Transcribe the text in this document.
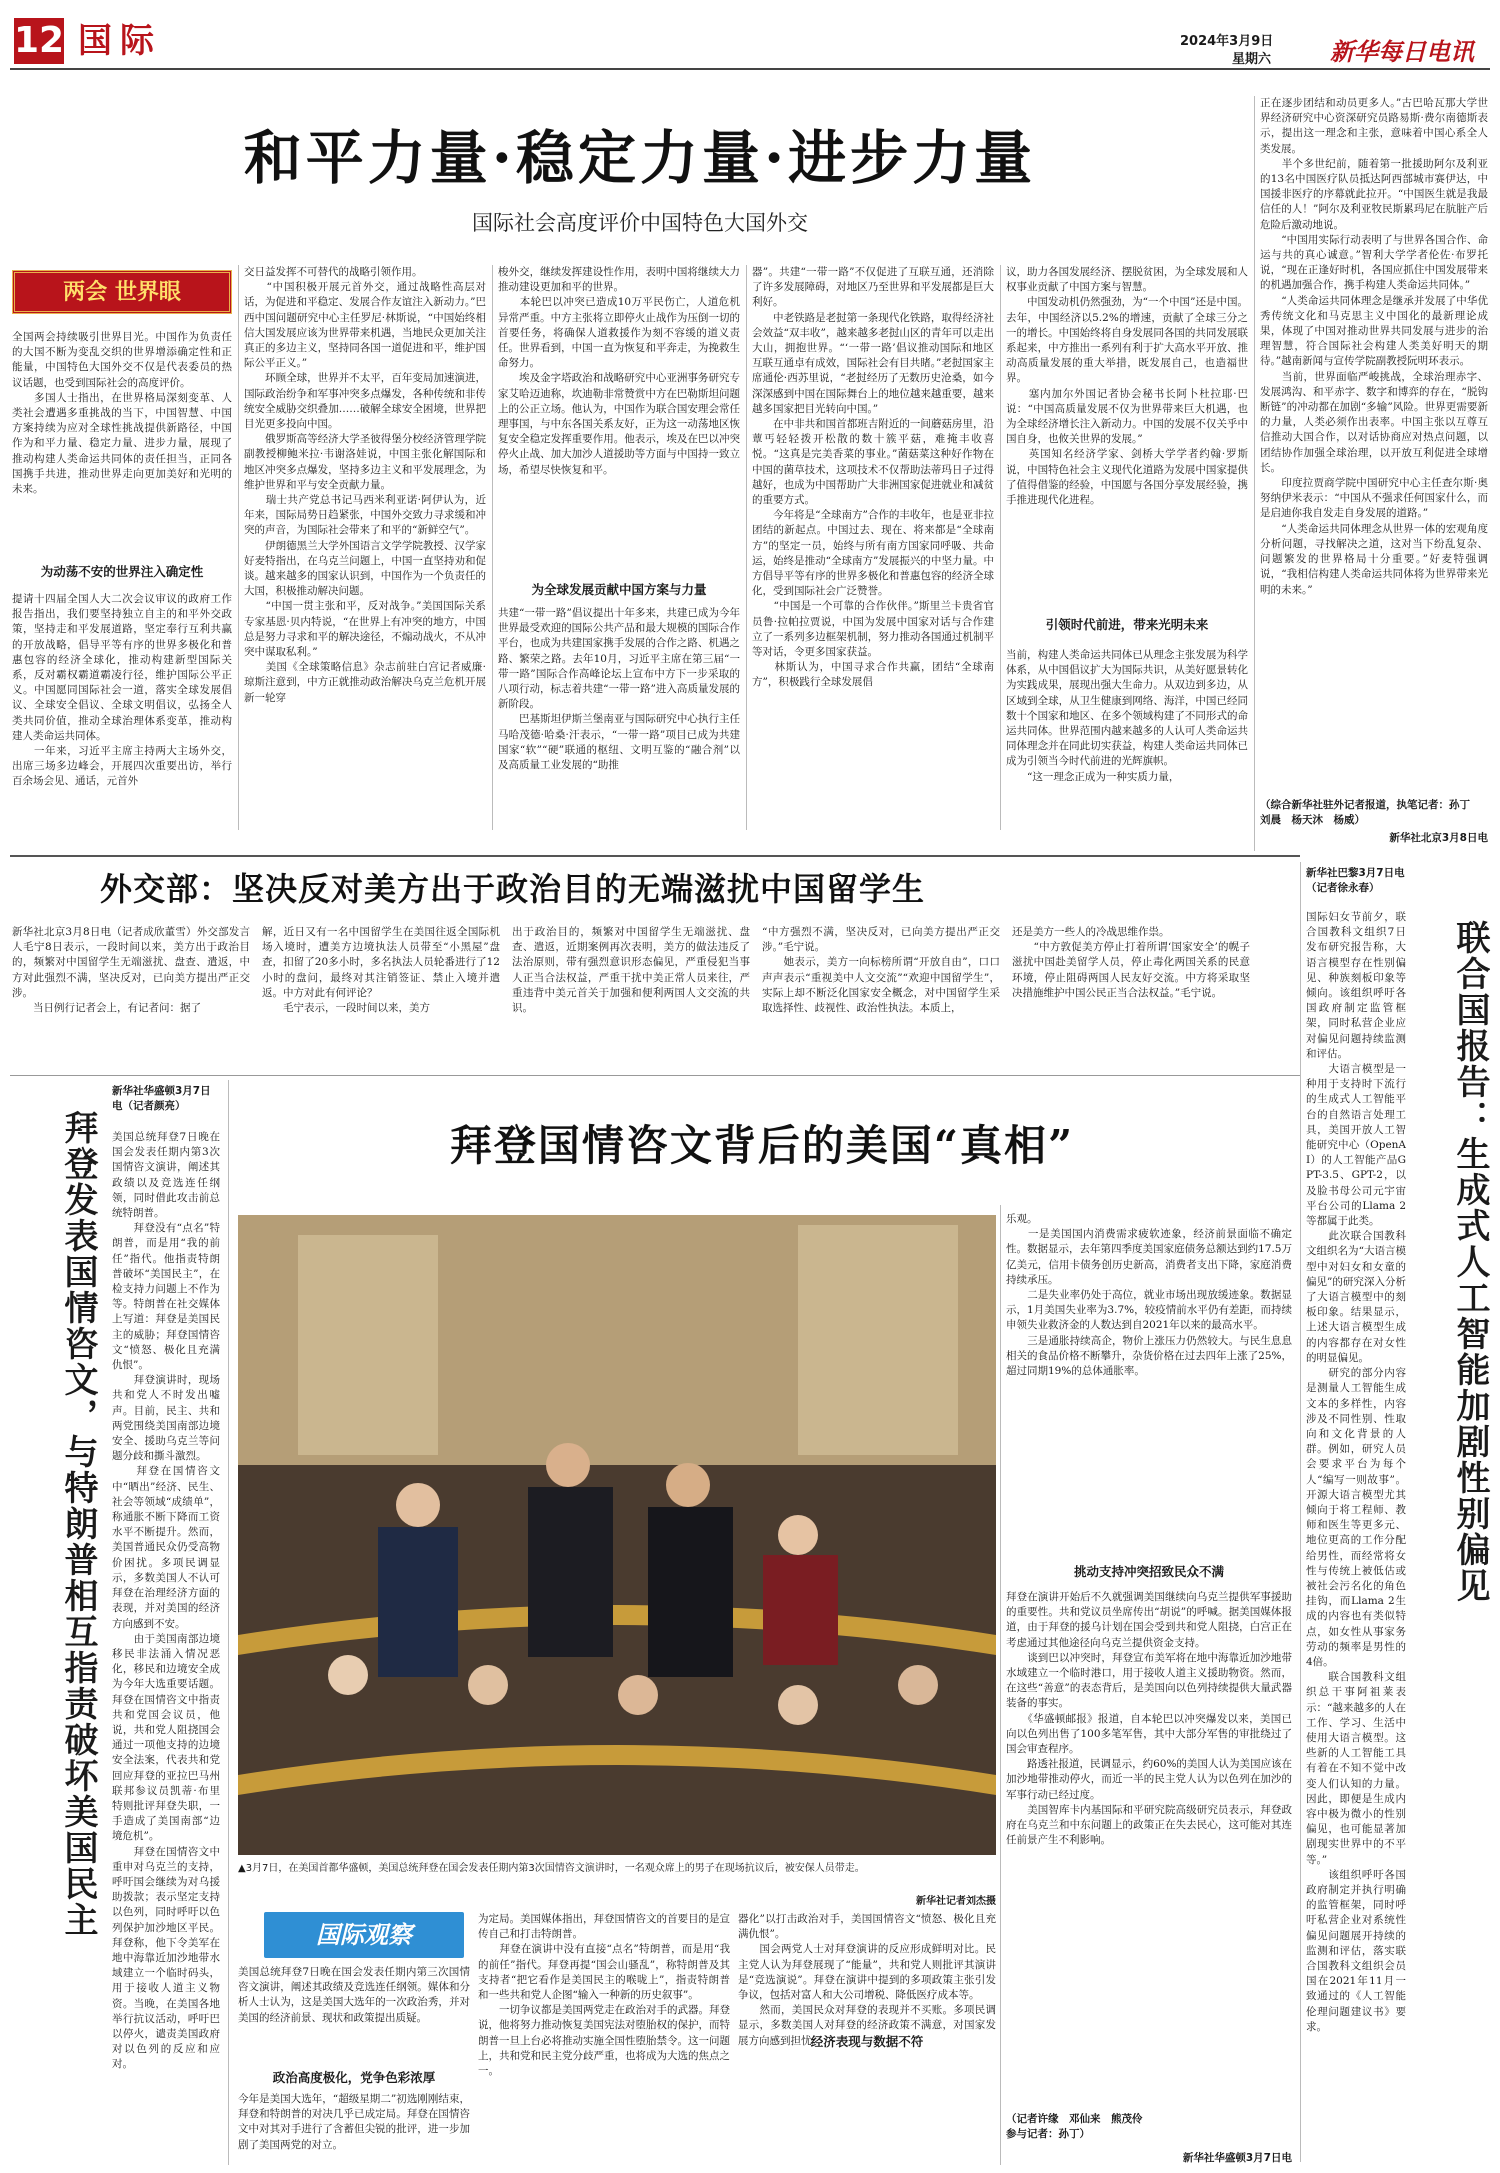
12 国际	2024年3月9日
星期六 新华每日电讯
和平力量·稳定力量·进步力量
国际社会高度评价中国特色大国外交
两会 世界眼
全国两会持续吸引世界目光。中国作为负责任的大国不断为变乱交织的世界增添确定性和正能量，中国特色大国外交不仅是代表委员的热议话题，也受到国际社会的高度评价。
　　多国人士指出，在世界格局深刻变革、人类社会遭遇多重挑战的当下，中国智慧、中国方案持续为应对全球性挑战提供新路径，中国作为和平力量、稳定力量、进步力量，展现了推动构建人类命运共同体的责任担当，正同各国携手共进，推动世界走向更加美好和光明的未来。
为动荡不安的世界注入确定性
提请十四届全国人大二次会议审议的政府工作报告指出，我们要坚持独立自主的和平外交政策，坚持走和平发展道路，坚定奉行互利共赢的开放战略，倡导平等有序的世界多极化和普惠包容的经济全球化，推动构建新型国际关系，反对霸权霸道霸凌行径，维护国际公平正义。中国愿同国际社会一道，落实全球发展倡议、全球安全倡议、全球文明倡议，弘扬全人类共同价值，推动全球治理体系变革，推动构建人类命运共同体。
　　一年来，习近平主席主持两大主场外交，出席三场多边峰会，开展四次重要出访，举行百余场会见、通话，元首外
交日益发挥不可替代的战略引领作用。
　　“中国积极开展元首外交，通过战略性高层对话，为促进和平稳定、发展合作友谊注入新动力。”巴西中国问题研究中心主任罗尼·林斯说，“中国始终相信大国发展应该为世界带来机遇，当地民众更加关注真正的多边主义，坚持同各国一道促进和平，维护国际公平正义。”
　　环顾全球，世界并不太平，百年变局加速演进，国际政治纷争和军事冲突多点爆发，各种传统和非传统安全威胁交织叠加……破解全球安全困境，世界把目光更多投向中国。
　　俄罗斯高等经济大学圣彼得堡分校经济管理学院副教授柳鲍米拉·韦谢洛娃说，中国主张化解国际和地区冲突多点爆发，坚持多边主义和平发展理念，为维护世界和平与安全贡献力量。
　　瑞士共产党总书记马西米利亚诺·阿伊认为，近年来，国际局势日趋紧张，中国外交致力寻求缓和冲突的声音，为国际社会带来了和平的“新鲜空气”。
　　伊朗德黑兰大学外国语言文学学院教授、汉学家好麦特指出，在乌克兰问题上，中国一直坚持劝和促谈。越来越多的国家认识到，中国作为一个负责任的大国，积极推动解决问题。
　　“中国一贯主张和平，反对战争。”美国国际关系专家基恩·贝内特说，“在世界上有冲突的地方，中国总是努力寻求和平的解决途径，不煽动战火，不从冲突中谋取私利。”
　　美国《全球策略信息》杂志前驻白宫记者威廉·琼斯注意到，中方正就推动政治解决乌克兰危机开展新一轮穿
梭外交，继续发挥建设性作用，表明中国将继续大力推动建设更加和平的世界。
　　本轮巴以冲突已造成10万平民伤亡，人道危机异常严重。中方主张将立即停火止战作为压倒一切的首要任务，将确保人道救援作为刻不容缓的道义责任。世界看到，中国一直为恢复和平奔走，为挽救生命努力。
　　埃及金字塔政治和战略研究中心亚洲事务研究专家艾哈迈迪称，坎迪勒非常赞赏中方在巴勒斯坦问题上的公正立场。他认为，中国作为联合国安理会常任理事国，与中东各国关系友好，正为这一动荡地区恢复安全稳定发挥重要作用。他表示，埃及在巴以冲突停火止战、加大加沙人道援助等方面与中国持一致立场，希望尽快恢复和平。
为全球发展贡献中国方案与力量
共建“一带一路”倡议提出十年多来，共建已成为今年世界最受欢迎的国际公共产品和最大规模的国际合作平台，也成为共建国家携手发展的合作之路、机遇之路、繁荣之路。去年10月，习近平主席在第三届“一带一路”国际合作高峰论坛上宣布中方下一步采取的八项行动，标志着共建“一带一路”进入高质量发展的新阶段。
　　巴基斯坦伊斯兰堡南亚与国际研究中心执行主任马哈茂德·哈桑·汗表示，“一带一路”项目已成为共建国家“软”“硬”联通的枢纽、文明互鉴的“融合剂”以及高质量工业发展的“助推
器”。共建“一带一路”不仅促进了互联互通，还消除了许多发展障碍，对地区乃至世界和平发展都是巨大利好。
　　中老铁路是老挝第一条现代化铁路，取得经济社会效益“双丰收”，越来越多老挝山区的青年可以走出大山，拥抱世界。“‘一带一路’倡议推动国际和地区互联互通卓有成效，国际社会有目共睹。”老挝国家主席通伦·西苏里说，“老挝经历了无数历史沧桑，如今深深感到中国在国际舞台上的地位越来越重要，越来越多国家把目光转向中国。”
　　在中非共和国首都班吉附近的一间蘑菇房里，沿蕈丐轻轻拨开松散的数十簇平菇，难掩丰收喜悦。“这真是完美香菜的事业。”菌菇菜这种好作物在中国的菌草技术，这项技术不仅帮助法蒂玛日子过得越好，也成为中国帮助广大非洲国家促进就业和减贫的重要方式。
　　今年将是“全球南方”合作的丰收年，也是亚非拉团结的新起点。中国过去、现在、将来都是“全球南方”的坚定一员，始终与所有南方国家同呼吸、共命运，始终是推动“全球南方”发展振兴的中坚力量。中方倡导平等有序的世界多极化和普惠包容的经济全球化，受到国际社会广泛赞誉。
　　“中国是一个可靠的合作伙伴。”斯里兰卡贵省官员鲁·拉帕拉贾说，中国为发展中国家对话与合作建立了一系列多边框架机制，努力推动各国通过机制平等对话，令更多国家获益。
　　林斯认为，中国寻求合作共赢，团结“全球南方”，积极践行全球发展倡
议，助力各国发展经济、摆脱贫困，为全球发展和人权事业贡献了中国方案与智慧。
　　中国发动机仍然强劲，为“一个中国”还是中国。去年，中国经济以5.2%的增速，贡献了全球三分之一的增长。中国始终将自身发展同各国的共同发展联系起来，中方推出一系列有利于扩大高水平开放、推动高质量发展的重大举措，既发展自己，也造福世界。
　　塞内加尔外国记者协会秘书长阿卜杜拉耶·巴说：“中国高质量发展不仅为世界带来巨大机遇，也为全球经济增长注入新动力。中国的发展不仅关乎中国自身，也攸关世界的发展。”
　　英国知名经济学家、剑桥大学学者约翰·罗斯说，中国特色社会主义现代化道路为发展中国家提供了值得借鉴的经验，中国愿与各国分享发展经验，携手推进现代化进程。
引领时代前进，带来光明未来
当前，构建人类命运共同体已从理念主张发展为科学体系，从中国倡议扩大为国际共识，从美好愿景转化为实践成果，展现出强大生命力。从双边到多边，从区域到全球，从卫生健康到网络、海洋，中国已经同数十个国家和地区、在多个领域构建了不同形式的命运共同体。世界范围内越来越多的人认可人类命运共同体理念并在同此切实获益，构建人类命运共同体已成为引领当今时代前进的光辉旗帜。
　　“这一理念正成为一种实质力量，
正在逐步团结和动员更多人。”古巴哈瓦那大学世界经济研究中心资深研究员路易斯·费尔南德斯表示，提出这一理念和主张，意味着中国心系全人类发展。
　　半个多世纪前，随着第一批援助阿尔及利亚的13名中国医疗队员抵达阿西部城市赛伊达，中国援非医疗的序幕就此拉开。“中国医生就是我最信任的人！”阿尔及利亚牧民斯累玛尼在肮脏产后危险后激动地说。
　　“中国用实际行动表明了与世界各国合作、命运与共的真心诚意。”智利大学学者伦佐·布罗托说，“现在正逢好时机，各国应抓住中国发展带来的机遇加强合作，携手构建人类命运共同体。”
　　“人类命运共同体理念是继承并发展了中华优秀传统文化和马克思主义中国化的最新理论成果，体现了中国对推动世界共同发展与进步的治理智慧，符合国际社会构建人类美好明天的期待。”越南新闻与宣传学院副教授阮明环表示。
　　当前，世界面临严峻挑战，全球治理赤字、发展鸿沟、和平赤字、数字和博弈的存在，“脱钩断链”的冲动都在加剧“多输”风险。世界更需要新的力量，人类必须作出表率。中国主张以互尊互信推动大国合作，以对话协商应对热点问题，以团结协作加强全球治理，以开放互利促进全球增长。
　　印度拉贾商学院中国研究中心主任查尔斯·奥努纳伊米表示：“中国从不强求任何国家什么，而是启迪你我自发走自身发展的道路。”
　　“人类命运共同体理念从世界一体的宏观角度分析问题，寻找解决之道，这对当下纷乱复杂、问题繁发的世界格局十分重要。”好麦特强调说，“我相信构建人类命运共同体将为世界带来光明的未来。”
（综合新华社驻外记者报道，执笔记者：孙丁　刘晨　杨天沐　杨威）
新华社北京3月8日电
外交部：坚决反对美方出于政治目的无端滋扰中国留学生
新华社北京3月8日电（记者成欣董雪）外交部发言人毛宁8日表示，一段时间以来，美方出于政治目的，频繁对中国留学生无端滋扰、盘查、遣返，中方对此强烈不满，坚决反对，已向美方提出严正交涉。
　　当日例行记者会上，有记者问：据了
解，近日又有一名中国留学生在美国往返全国际机场入境时，遭美方边境执法人员带至“小黑屋”盘查，扣留了20多小时，多名执法人员轮番进行了12小时的盘问，最终对其注销签证、禁止入境并遣返。中方对此有何评论？
　　毛宁表示，一段时间以来，美方
出于政治目的，频繁对中国留学生无端滋扰、盘查、遣返，近期案例再次表明，美方的做法违反了法治原则，带有强烈意识形态偏见，严重侵犯当事人正当合法权益，严重干扰中美正常人员来往，严重违背中美元首关于加强和便利两国人文交流的共识。
“中方强烈不满，坚决反对，已向美方提出严正交涉。”毛宁说。
　　她表示，美方一向标榜所谓“开放自由”，口口声声表示“重视美中人文交流”“欢迎中国留学生”，实际上却不断泛化国家安全概念，对中国留学生采取选择性、歧视性、政治性执法。本质上，
还是美方一些人的冷战思维作祟。
　　“中方敦促美方停止打着所谓‘国家安全’的幌子滋扰中国赴美留学人员，停止毒化两国关系的民意环境，停止阻碍两国人民友好交流。中方将采取坚决措施维护中国公民正当合法权益。”毛宁说。
新华社巴黎3月7日电（记者徐永春）
国际妇女节前夕，联合国教科文组织7日发布研究报告称，大语言模型存在性别偏见、种族刻板印象等倾向。该组织呼吁各国政府制定监管框架，同时私营企业应对偏见问题持续监测和评估。
　　大语言模型是一种用于支持时下流行的生成式人工智能平台的自然语言处理工具，美国开放人工智能研究中心（OpenAI）的人工智能产品GPT-3.5、GPT-2，以及脸书母公司元宇宙平台公司的Llama 2等都属于此类。
　　此次联合国教科文组织名为“大语言模型中对妇女和女童的偏见”的研究深入分析了大语言模型中的刻板印象。结果显示，上述大语言模型生成的内容都存在对女性的明显偏见。
　　研究的部分内容是测量人工智能生成文本的多样性，内容涉及不同性别、性取向和文化背景的人群。例如，研究人员会要求平台为每个人“编写一则故事”。开源大语言模型尤其倾向于将工程师、教师和医生等更多元、地位更高的工作分配给男性，而经常将女性与传统上被低估或被社会污名化的角色挂钩，而Llama 2生成的内容也有类似特点，如女性从事家务劳动的频率是男性的4倍。
　　联合国教科文组织总干事阿祖莱表示：“越来越多的人在工作、学习、生活中使用大语言模型。这些新的人工智能工具有着在不知不觉中改变人们认知的力量。因此，即便是生成内容中极为微小的性别偏见，也可能显著加剧现实世界中的不平等。”
　　该组织呼吁各国政府制定并执行明确的监管框架，同时呼吁私营企业对系统性偏见问题展开持续的监测和评估，落实联合国教科文组织会员国在2021年11月一致通过的《人工智能伦理问题建议书》要求。
联合国报告：生成式人工智能加剧性别偏见
拜登发表国情咨文，与特朗普相互指责破坏美国民主
新华社华盛顿3月7日电（记者颜亮）
美国总统拜登7日晚在国会发表任期内第3次国情咨文演讲，阐述其政绩以及竞选连任纲领，同时借此攻击前总统特朗普。
　　拜登没有“点名”特朗普，而是用“我的前任”指代。他指责特朗普破坏“美国民主”，在检支持力问题上不作为等。特朗普在社交媒体上写道：拜登是美国民主的威胁；拜登国情咨文“愤怒、极化且充满仇恨”。
　　拜登演讲时，现场共和党人不时发出嘘声。目前，民主、共和两党围绕美国南部边境安全、援助乌克兰等问题分歧和撕斗激烈。
　　拜登在国情咨文中“晒出”经济、民生、社会等领域“成绩单”，称通胀不断下降而工资水平不断提升。然而，美国普通民众仍受高物价困扰。多项民调显示，多数美国人不认可拜登在治理经济方面的表现，并对美国的经济方向感到不安。
　　由于美国南部边境移民非法涌入情况恶化，移民和边境安全成为今年大选重要话题。拜登在国情咨文中指责共和党国会议员，他说，共和党人阻挠国会通过一项他支持的边境安全法案，代表共和党回应拜登的亚拉巴马州联邦参议员凯蒂·布里特则批评拜登失职，一手造成了美国南部“边境危机”。
　　拜登在国情咨文中重申对乌克兰的支持，呼吁国会继续为对乌援助拨款；表示坚定支持以色列，同时呼吁以色列保护加沙地区平民。拜登称，他下令美军在地中海靠近加沙地带水域建立一个临时码头，用于接收人道主义物资。当晚，在美国各地举行抗议活动，呼吁巴以停火，谴责美国政府对以色列的反应和应对。
拜登国情咨文背后的美国“真相”
▲3月7日，在美国首都华盛顿，美国总统拜登在国会发表任期内第3次国情咨文演讲时，一名观众席上的男子在现场抗议后，被安保人员带走。
新华社记者刘杰摄
国际观察
美国总统拜登7日晚在国会发表任期内第三次国情咨文演讲，阐述其政绩及竞选连任纲领。媒体和分析人士认为，这是美国大选年的一次政治秀，并对美国的经济前景、现状和政策提出质疑。
政治高度极化，党争色彩浓厚
今年是美国大选年，“超级星期二”初选刚刚结束，拜登和特朗普的对决几乎已成定局。拜登在国情咨文中对其对手进行了含蓄但尖锐的批评，进一步加剧了美国两党的对立。
为定局。美国媒体指出，拜登国情咨文的首要目的是宣传自己和打击特朗普。
　　拜登在演讲中没有直接“点名”特朗普，而是用“我的前任”指代。拜登再提“国会山骚乱”，称特朗普及其支持者“把它看作是美国民主的喉咙上”，指责特朗普和一些共和党人企图“输入一种新的历史叙事”。
　　一切争议都是美国两党走在政治对手的武器。拜登说，他将努力推动恢复美国宪法对堕胎权的保护，而特朗普一旦上台必将推动实施全国性堕胎禁令。这一问题上，共和党和民主党分歧严重，也将成为大选的焦点之一。
器化”以打击政治对手，美国国情咨文“愤怒、极化且充满仇恨”。
　　国会两党人士对拜登演讲的反应形成鲜明对比。民主党人认为拜登展现了“能量”，共和党人则批评其演讲是“竞选演说”。拜登在演讲中提到的多项政策主张引发争议，包括对富人和大公司增税、降低医疗成本等。
　　然而，美国民众对拜登的表现并不买账。多项民调显示，多数美国人对拜登的经济政策不满意，对国家发展方向感到担忧。
经济表现与数据不符
乐观。
　　一是美国国内消费需求疲软迹象，经济前景面临不确定性。数据显示，去年第四季度美国家庭债务总额达到约17.5万亿美元，信用卡债务创历史新高，消费者支出下降，家庭消费持续承压。
　　二是失业率仍处于高位，就业市场出现放缓迹象。数据显示，1月美国失业率为3.7%，较疫情前水平仍有差距，而持续申领失业救济金的人数达到自2021年以来的最高水平。
　　三是通胀持续高企，物价上涨压力仍然较大。与民生息息相关的食品价格不断攀升，杂货价格在过去四年上涨了25%，超过同期19%的总体通胀率。
挑动支持冲突招致民众不满
拜登在演讲开始后不久就强调美国继续向乌克兰提供军事援助的重要性。共和党议员坐席传出“胡说”的呼喊。据美国媒体报道，由于拜登的援乌计划在国会受到共和党人阻挠，白宫正在考虑通过其他途径向乌克兰提供资金支持。
　　谈到巴以冲突时，拜登宣布美军将在地中海靠近加沙地带水域建立一个临时港口，用于接收人道主义援助物资。然而，在这些“善意”的表态背后，是美国向以色列持续提供大量武器装备的事实。
　　《华盛顿邮报》报道，自本轮巴以冲突爆发以来，美国已向以色列出售了100多笔军售，其中大部分军售的审批绕过了国会审查程序。
　　路透社报道，民调显示，约60%的美国人认为美国应该在加沙地带推动停火，而近一半的民主党人认为以色列在加沙的军事行动已经过度。
　　美国智库卡内基国际和平研究院高级研究员表示，拜登政府在乌克兰和中东问题上的政策正在失去民心，这可能对其连任前景产生不利影响。
（记者许缘　邓仙来　熊茂伶
参与记者：孙丁）
新华社华盛顿3月7日电
